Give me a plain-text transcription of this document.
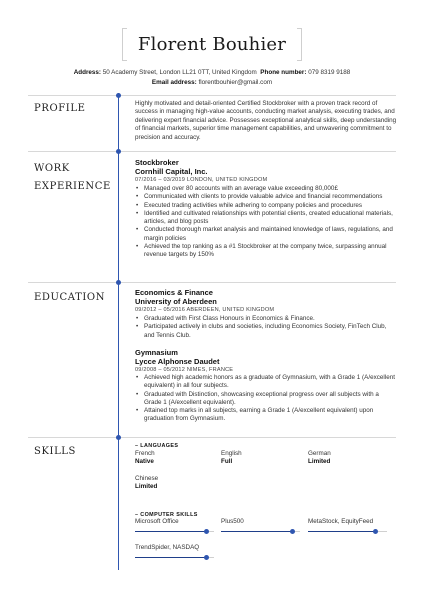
Florent Bouhier
Address: 50 Academy Street, London LL21 0TT, United Kingdom Phone number: 079 8319 9188
Email address: florentbouhier@gmail.com
PROFILE	Highly motivated and detail-oriented Certified Stockbroker with a proven track record of success in managing high-value accounts, conducting market analysis, executing trades, and delivering expert financial advice. Possesses exceptional analytical skills, deep understanding of financial markets, superior time management capabilities, and unwavering commitment to precision and accuracy.
WORK
EXPERIENCE
Stockbroker
Cornhill Capital, Inc.
07/2016 – 03/2019 LONDON, UNITED KINGDOM
• Managed over 80 accounts with an average value exceeding 80,000£
• Communicated with clients to provide valuable advice and financial recommendations
• Executed trading activities while adhering to company policies and procedures
• Identified and cultivated relationships with potential clients, created educational materials, articles, and blog posts
• Conducted thorough market analysis and maintained knowledge of laws, regulations, and margin policies
• Achieved the top ranking as a #1 Stockbroker at the company twice, surpassing annual revenue targets by 150%
EDUCATION	Economics & Finance
University of Aberdeen
09/2012 – 05/2016 ABERDEEN, UNITED KINGDOM
• Graduated with First Class Honours in Economics & Finance.
• Participated actively in clubs and societies, including Economics Society, FinTech Club, and Tennis Club.
Gymnasium
Lycce Alphonse Daudet
09/2008 – 05/2012 NIMES, FRANCE
• Achieved high academic honors as a graduate of Gymnasium, with a Grade 1 (A/excellent equivalent) in all four subjects.
• Graduated with Distinction, showcasing exceptional progress over all subjects with a Grade 1 (A/excellent equivalent).
• Attained top marks in all subjects, earning a Grade 1 (A/excellent equivalent) upon graduation from Gymnasium.
SKILLS	– LANGUAGES
French
Native
English
Full
German
Limited
Chinese
Limited
– COMPUTER SKILLS
Microsoft Office	Plus500	MetaStock, EquityFeed
TrendSpider, NASDAQ
